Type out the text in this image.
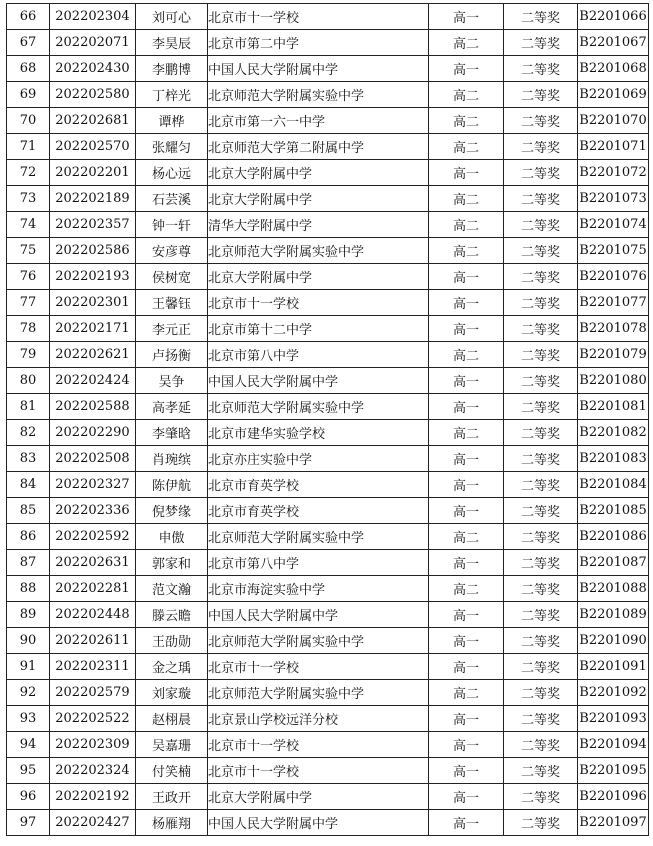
66	202202304	刘可心	北京市十一学校	高一	二等奖	B2201066
67	202202071	李昊辰	北京市第二中学	高二	二等奖	B2201067
68	202202430	李鹏博	中国人民大学附属中学	高一	二等奖	B2201068
69	202202580	丁梓光	北京师范大学附属实验中学	高二	二等奖	B2201069
70	202202681	谭桦	北京市第一六一中学	高二	二等奖	B2201070
71	202202570	张耀匀	北京师范大学第二附属中学	高二	二等奖	B2201071
72	202202201	杨心远	北京大学附属中学	高一	二等奖	B2201072
73	202202189	石芸溪	北京大学附属中学	高二	二等奖	B2201073
74	202202357	钟一轩	清华大学附属中学	高二	二等奖	B2201074
75	202202586	安彦尊	北京师范大学附属实验中学	高二	二等奖	B2201075
76	202202193	侯树宽	北京大学附属中学	高一	二等奖	B2201076
77	202202301	王馨钰	北京市十一学校	高一	二等奖	B2201077
78	202202171	李元正	北京市第十二中学	高一	二等奖	B2201078
79	202202621	卢扬衡	北京市第八中学	高二	二等奖	B2201079
80	202202424	吴争	中国人民大学附属中学	高一	二等奖	B2201080
81	202202588	高孝延	北京师范大学附属实验中学	高一	二等奖	B2201081
82	202202290	李肇晗	北京市建华实验学校	高二	二等奖	B2201082
83	202202508	肖琬缤	北京亦庄实验中学	高一	二等奖	B2201083
84	202202327	陈伊航	北京市育英学校	高一	二等奖	B2201084
85	202202336	倪梦缘	北京市育英学校	高一	二等奖	B2201085
86	202202592	申傲	北京师范大学附属实验中学	高二	二等奖	B2201086
87	202202631	郭家和	北京市第八中学	高一	二等奖	B2201087
88	202202281	范文瀚	北京市海淀实验中学	高二	二等奖	B2201088
89	202202448	滕云瞻	中国人民大学附属中学	高一	二等奖	B2201089
90	202202611	王劭勋	北京师范大学附属实验中学	高一	二等奖	B2201090
91	202202311	金之瑀	北京市十一学校	高一	二等奖	B2201091
92	202202579	刘家璇	北京师范大学附属实验中学	高二	二等奖	B2201092
93	202202522	赵栩晨	北京景山学校远洋分校	高一	二等奖	B2201093
94	202202309	吴嘉珊	北京市十一学校	高一	二等奖	B2201094
95	202202324	付笑楠	北京市十一学校	高一	二等奖	B2201095
96	202202192	王政开	北京大学附属中学	高一	二等奖	B2201096
97	202202427	杨雁翔	中国人民大学附属中学	高一	二等奖	B2201097
